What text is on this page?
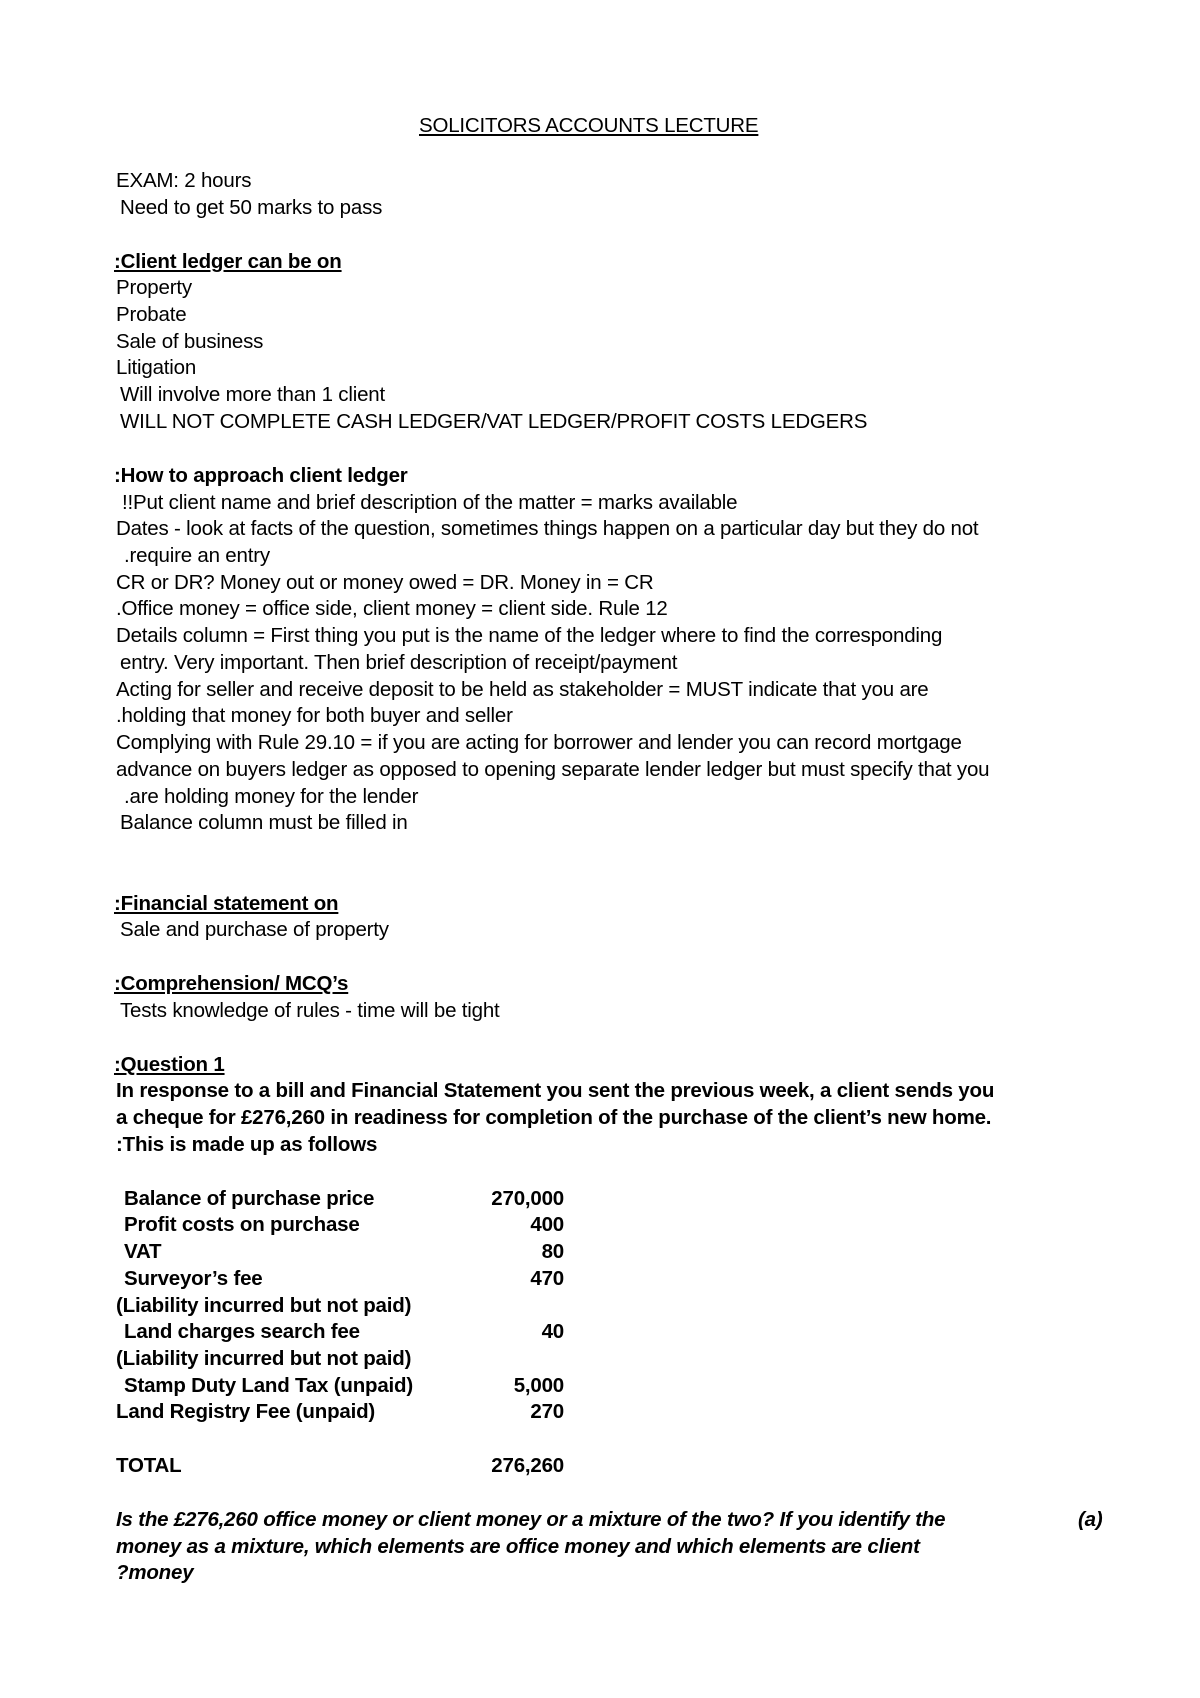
SOLICITORS ACCOUNTS LECTURE
EXAM: 2 hours
Need to get 50 marks to pass
:Client ledger can be on
Property
Probate
Sale of business
Litigation
Will involve more than 1 client
WILL NOT COMPLETE CASH LEDGER/VAT LEDGER/PROFIT COSTS LEDGERS
:How to approach client ledger
!!Put client name and brief description of the matter = marks available
Dates - look at facts of the question, sometimes things happen on a particular day but they do not
.require an entry
CR or DR? Money out or money owed = DR. Money in = CR
.Office money = office side, client money = client side. Rule 12
Details column = First thing you put is the name of the ledger where to find the corresponding
entry. Very important. Then brief description of receipt/payment
Acting for seller and receive deposit to be held as stakeholder = MUST indicate that you are
.holding that money for both buyer and seller
Complying with Rule 29.10 = if you are acting for borrower and lender you can record mortgage
advance on buyers ledger as opposed to opening separate lender ledger but must specify that you
.are holding money for the lender
Balance column must be filled in
:Financial statement on
Sale and purchase of property
:Comprehension/ MCQ’s
Tests knowledge of rules - time will be tight
:Question 1
In response to a bill and Financial Statement you sent the previous week, a client sends you
a cheque for £276,260 in readiness for completion of the purchase of the client’s new home.
:This is made up as follows
Balance of purchase price	270,000
Profit costs on purchase	400
VAT	80
Surveyor’s fee	470
(Liability incurred but not paid)
Land charges search fee	40
(Liability incurred but not paid)
Stamp Duty Land Tax (unpaid)	5,000
Land Registry Fee (unpaid)	270
TOTAL	276,260
(a)
Is the £276,260 office money or client money or a mixture of the two? If you identify the
money as a mixture, which elements are office money and which elements are client
?money
